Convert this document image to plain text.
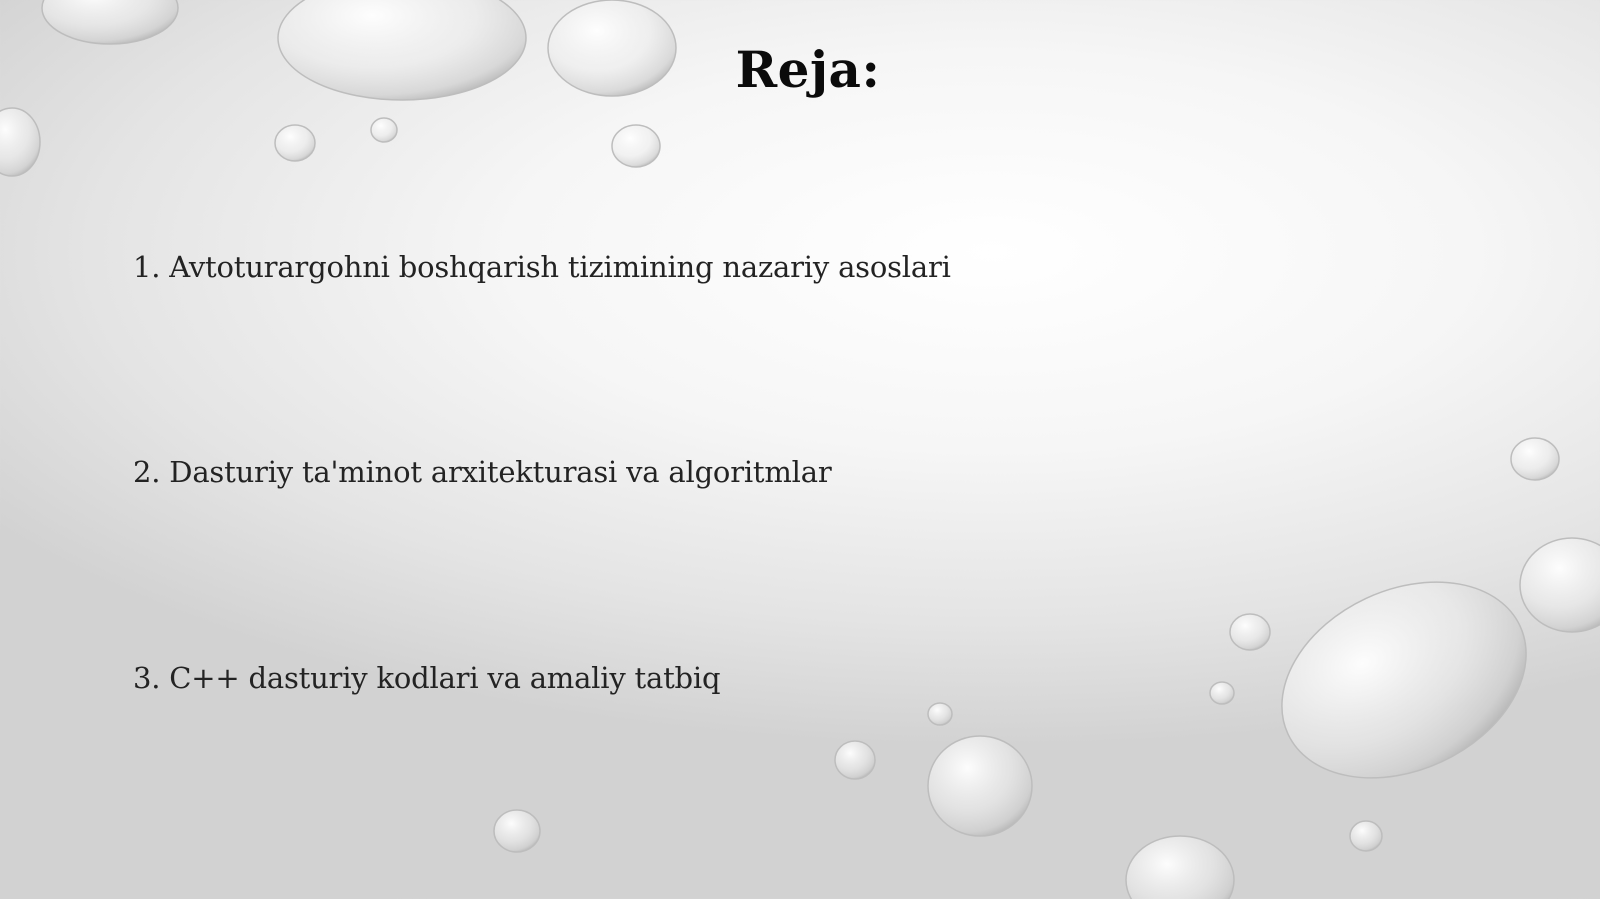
Reja:

1. Avtoturargohni boshqarish tizimining nazariy asoslari

2. Dasturiy ta'minot arxitekturasi va algoritmlar

3. C++ dasturiy kodlari va amaliy tatbiq
